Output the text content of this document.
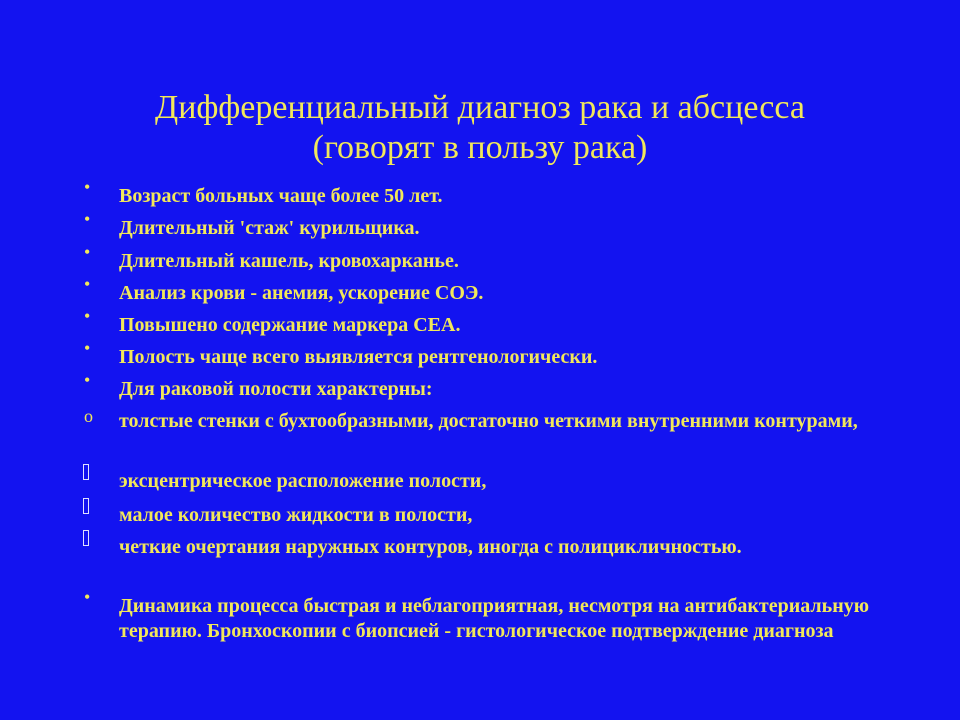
Дифференциальный диагноз рака и абсцесса
(говорят в пользу рака)
•	Возраст больных чаще более 50 лет.
•	Длительный 'стаж' курильщика.
•	Длительный кашель, кровохарканье.
•	Анализ крови - анемия, ускорение СОЭ.
•	Повышено содержание маркера СЕА.
•	Полость чаще всего выявляется рентгенологически.
•	Для раковой полости характерны:
o	толстые стенки с бухтообразными, достаточно четкими внутренними контурами,
эксцентрическое расположение полости,
малое количество жидкости в полости,
четкие очертания наружных контуров, иногда с полицикличностью.
•	Динамика процесса быстрая и неблагоприятная, несмотря на антибактериальную терапию. Бронхоскопии с биопсией - гистологическое подтверждение диагноза
